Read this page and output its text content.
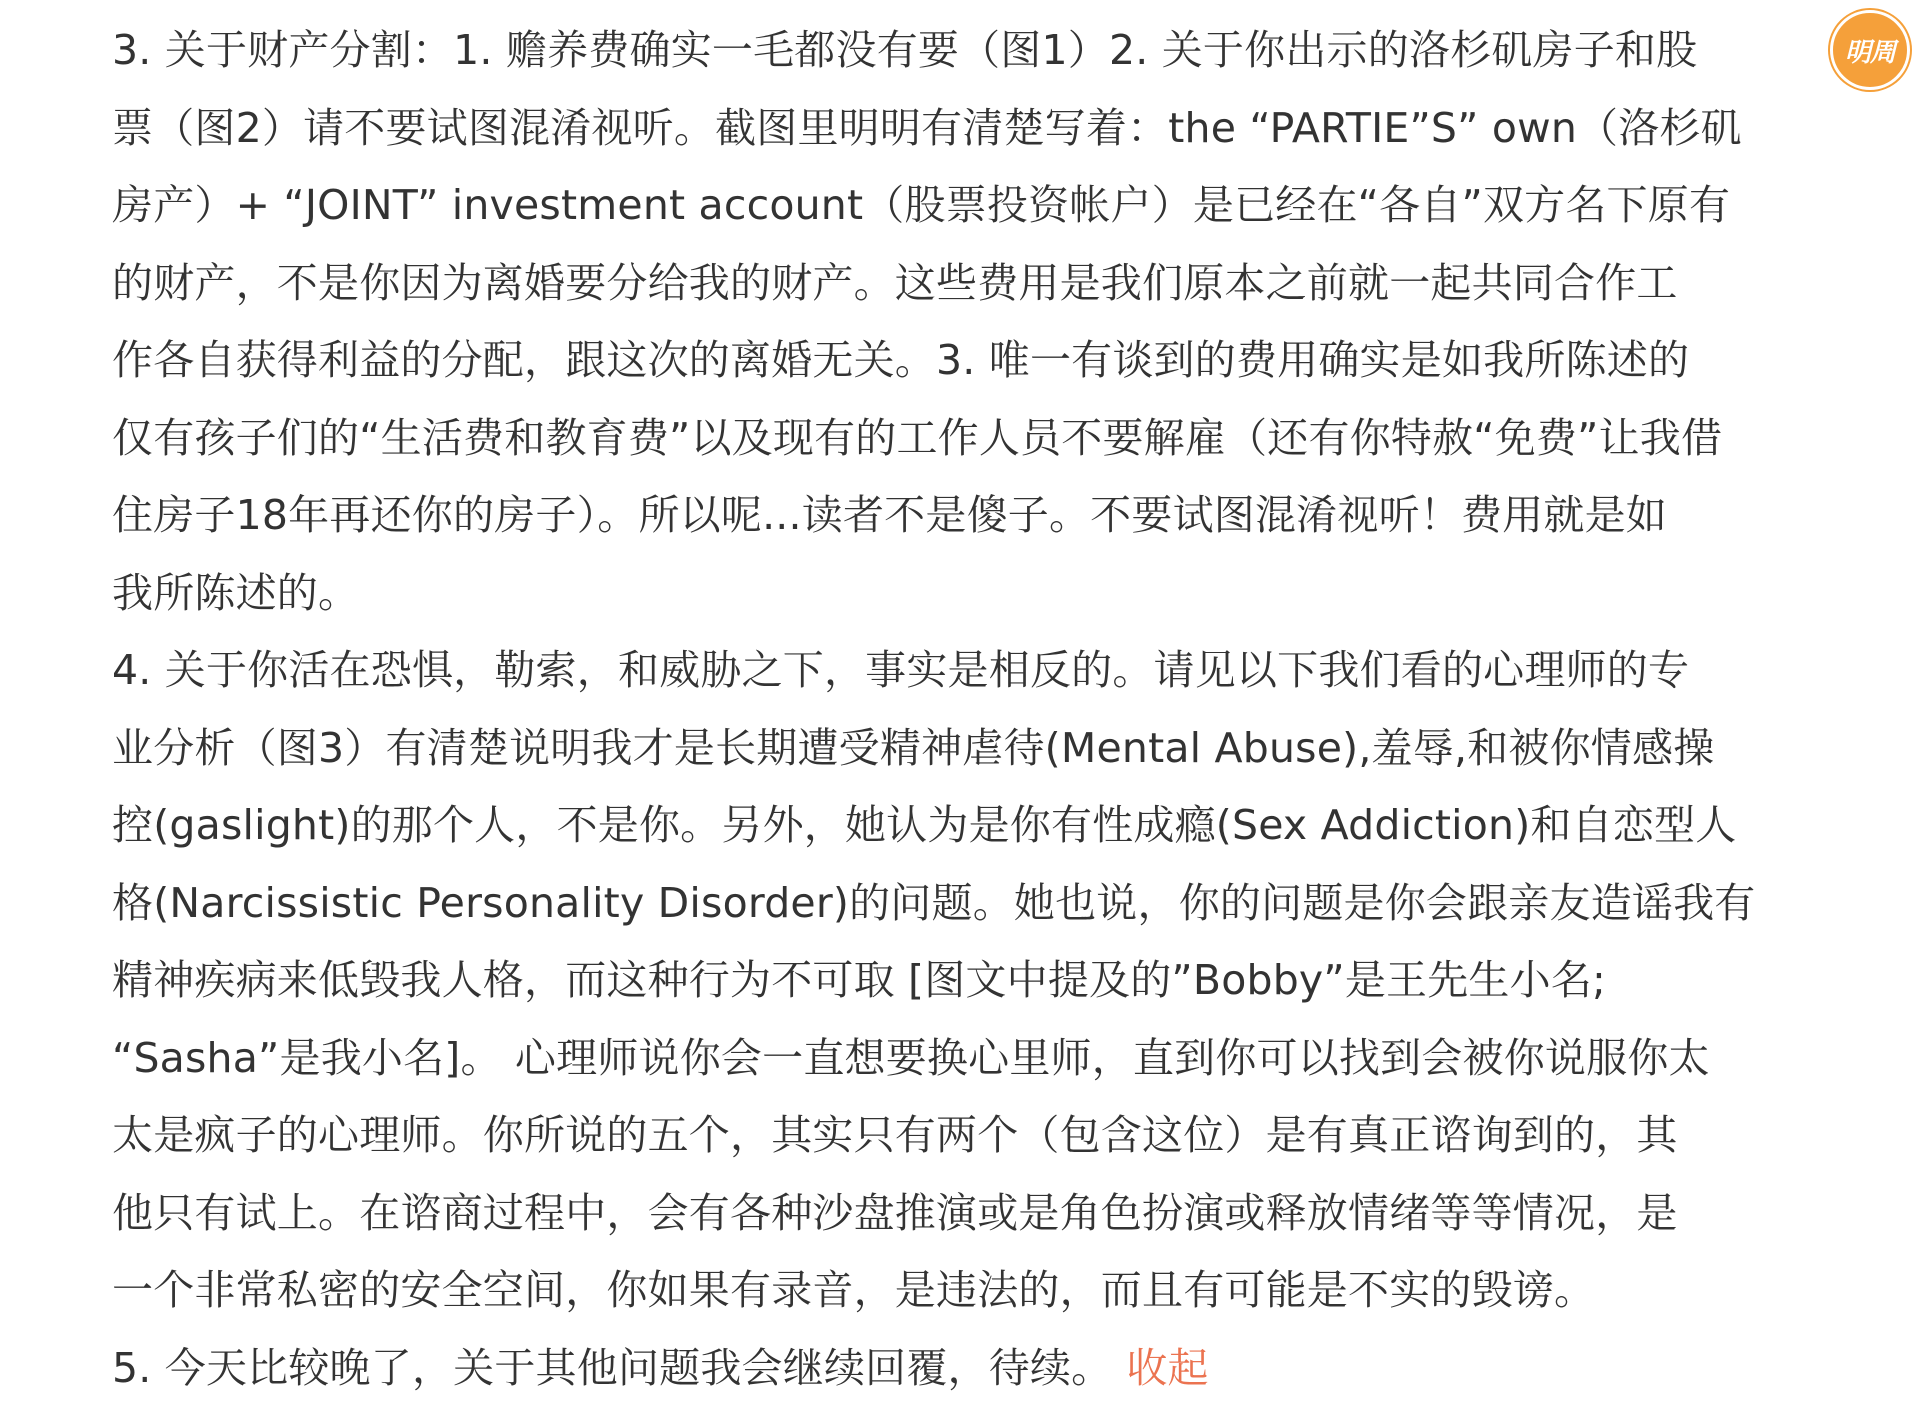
3. 关于财产分割：1. 赡养费确实一毛都没有要（图1）2. 关于你出示的洛杉矶房子和股
票（图2）请不要试图混淆视听。截图里明明有清楚写着：the “PARTIE”S” own（洛杉矶
房产）+ “JOINT” investment account（股票投资帐户）是已经在“各自”双方名下原有
的财产，不是你因为离婚要分给我的财产。这些费用是我们原本之前就一起共同合作工
作各自获得利益的分配，跟这次的离婚无关。3. 唯一有谈到的费用确实是如我所陈述的
仅有孩子们的“生活费和教育费”以及现有的工作人员不要解雇（还有你特赦“免费”让我借
住房子18年再还你的房子）。所以呢...读者不是傻子。不要试图混淆视听！费用就是如
我所陈述的。
4. 关于你活在恐惧，勒索，和威胁之下，事实是相反的。请见以下我们看的心理师的专
业分析（图3）有清楚说明我才是长期遭受精神虐待(Mental Abuse),羞辱,和被你情感操
控(gaslight)的那个人，不是你。另外，她认为是你有性成瘾(Sex Addiction)和自恋型人
格(Narcissistic Personality Disorder)的问题。她也说，你的问题是你会跟亲友造谣我有
精神疾病来低毁我人格，而这种行为不可取 [图文中提及的”Bobby”是王先生小名;
“Sasha”是我小名]。 心理师说你会一直想要换心里师，直到你可以找到会被你说服你太
太是疯子的心理师。你所说的五个，其实只有两个（包含这位）是有真正谘询到的，其
他只有试上。在谘商过程中，会有各种沙盘推演或是角色扮演或释放情绪等等情况，是
一个非常私密的安全空间，你如果有录音，是违法的，而且有可能是不实的毁谤。
5. 今天比较晚了，关于其他问题我会继续回覆，待续。 收起
明周
